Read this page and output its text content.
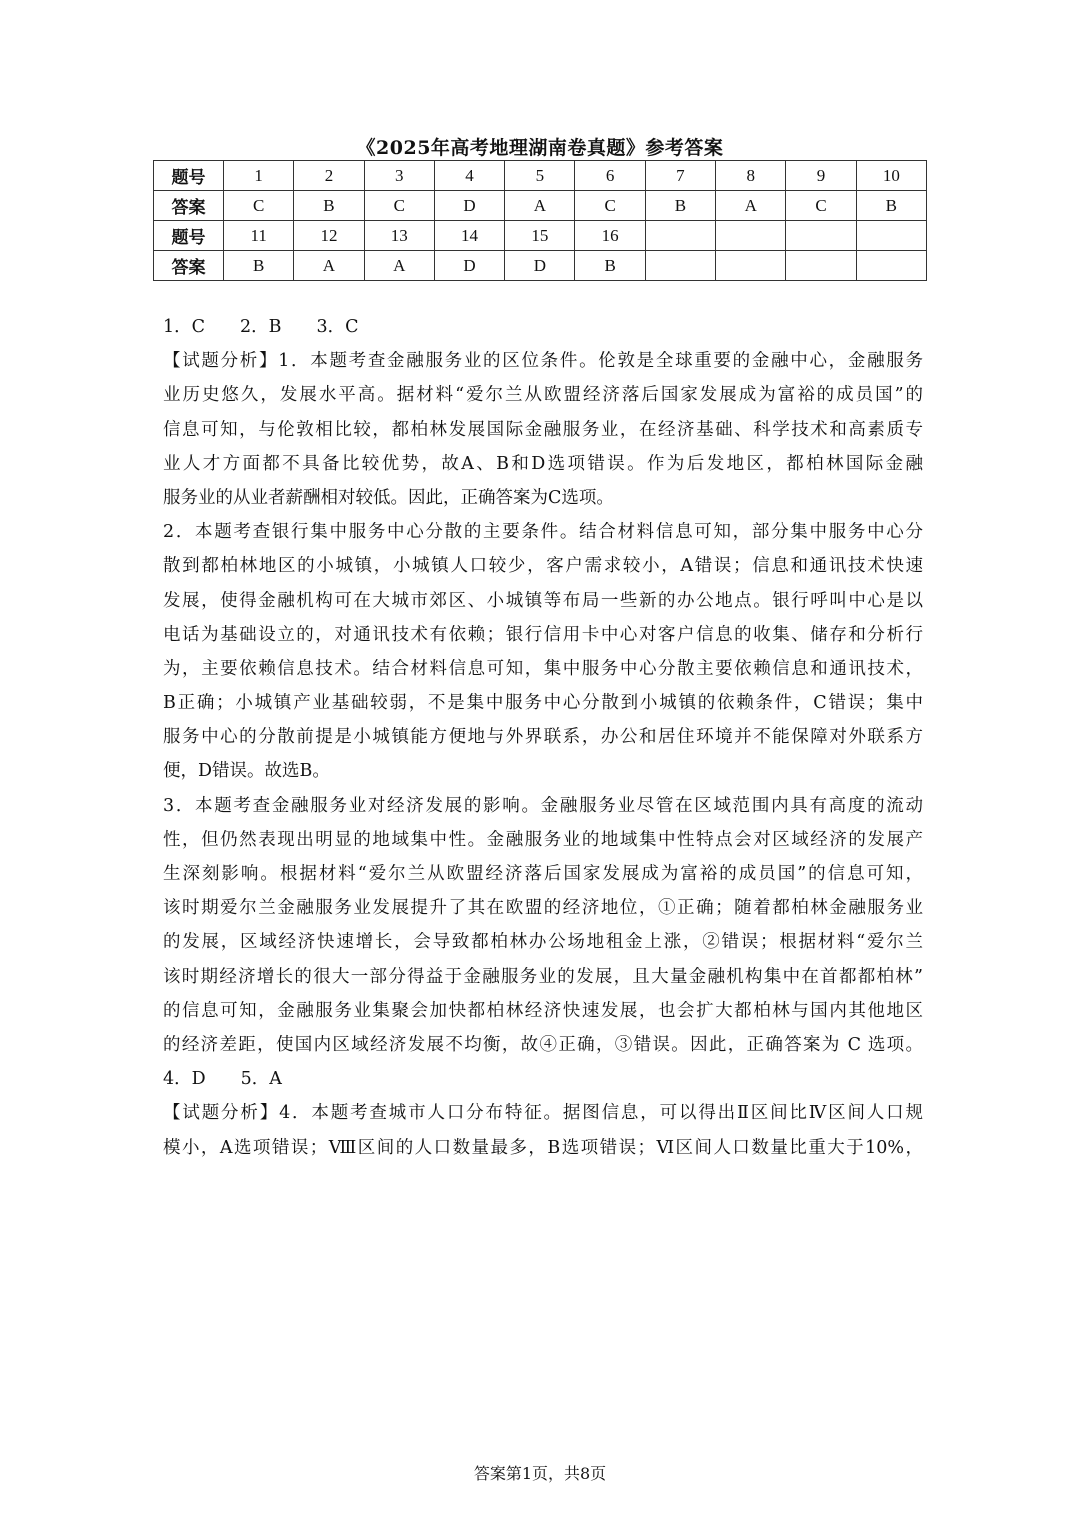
《2025年高考地理湖南卷真题》参考答案
题号	1	2	3	4	5	6	7	8	9	10
答案	C	B	C	D	A	C	B	A	C	B
题号	11	12	13	14	15	16				
答案	B	A	A	D	D	B				
1．C　　2．B　　3．C
【试题分析】1．本题考查金融服务业的区位条件。伦敦是全球重要的金融中心，金融服务
业历史悠久，发展水平高。据材料“爱尔兰从欧盟经济落后国家发展成为富裕的成员国”的
信息可知，与伦敦相比较，都柏林发展国际金融服务业，在经济基础、科学技术和高素质专
业人才方面都不具备比较优势，故A、B和D选项错误。作为后发地区，都柏林国际金融
服务业的从业者薪酬相对较低。因此，正确答案为C选项。
2．本题考查银行集中服务中心分散的主要条件。结合材料信息可知，部分集中服务中心分
散到都柏林地区的小城镇，小城镇人口较少，客户需求较小，A错误；信息和通讯技术快速
发展，使得金融机构可在大城市郊区、小城镇等布局一些新的办公地点。银行呼叫中心是以
电话为基础设立的，对通讯技术有依赖；银行信用卡中心对客户信息的收集、储存和分析行
为，主要依赖信息技术。结合材料信息可知，集中服务中心分散主要依赖信息和通讯技术，
B正确；小城镇产业基础较弱，不是集中服务中心分散到小城镇的依赖条件，C错误；集中
服务中心的分散前提是小城镇能方便地与外界联系，办公和居住环境并不能保障对外联系方
便，D错误。故选B。
3．本题考查金融服务业对经济发展的影响。金融服务业尽管在区域范围内具有高度的流动
性，但仍然表现出明显的地域集中性。金融服务业的地域集中性特点会对区域经济的发展产
生深刻影响。根据材料“爱尔兰从欧盟经济落后国家发展成为富裕的成员国”的信息可知，
该时期爱尔兰金融服务业发展提升了其在欧盟的经济地位，①正确；随着都柏林金融服务业
的发展，区域经济快速增长，会导致都柏林办公场地租金上涨，②错误；根据材料“爱尔兰
该时期经济增长的很大一部分得益于金融服务业的发展，且大量金融机构集中在首都都柏林”
的信息可知，金融服务业集聚会加快都柏林经济快速发展，也会扩大都柏林与国内其他地区
的经济差距，使国内区域经济发展不均衡，故④正确，③错误。因此，正确答案为 C 选项。
4．D　　5．A
【试题分析】4．本题考查城市人口分布特征。据图信息，可以得出Ⅱ区间比Ⅳ区间人口规
模小，A选项错误；Ⅷ区间的人口数量最多，B选项错误；Ⅵ区间人口数量比重大于10%，
答案第1页，共8页
